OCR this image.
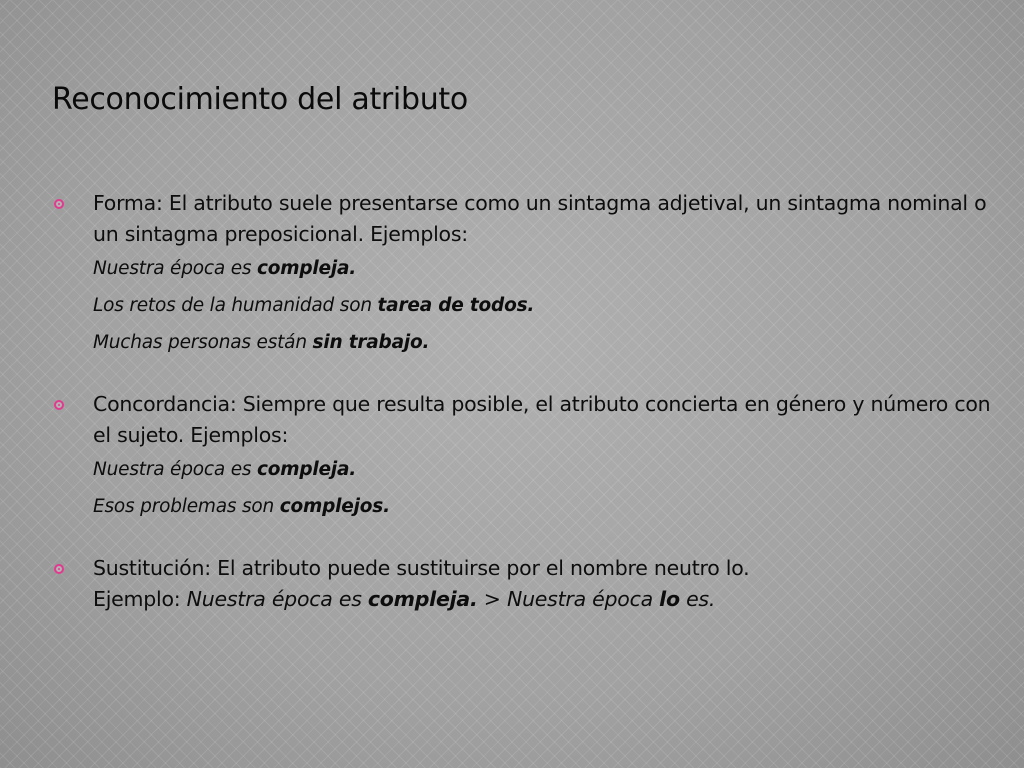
Reconocimiento del atributo
Forma: El atributo suele presentarse como un sintagma adjetival, un sintagma nominal o un sintagma preposicional. Ejemplos:
Nuestra época es compleja.
Los retos de la humanidad son tarea de todos.
Muchas personas están sin trabajo.
Concordancia: Siempre que resulta posible, el atributo concierta en género y número con el sujeto. Ejemplos:
Nuestra época es compleja.
Esos problemas son complejos.
Sustitución: El atributo puede sustituirse por el nombre neutro lo.
Ejemplo: Nuestra época es compleja. > Nuestra época lo es.
